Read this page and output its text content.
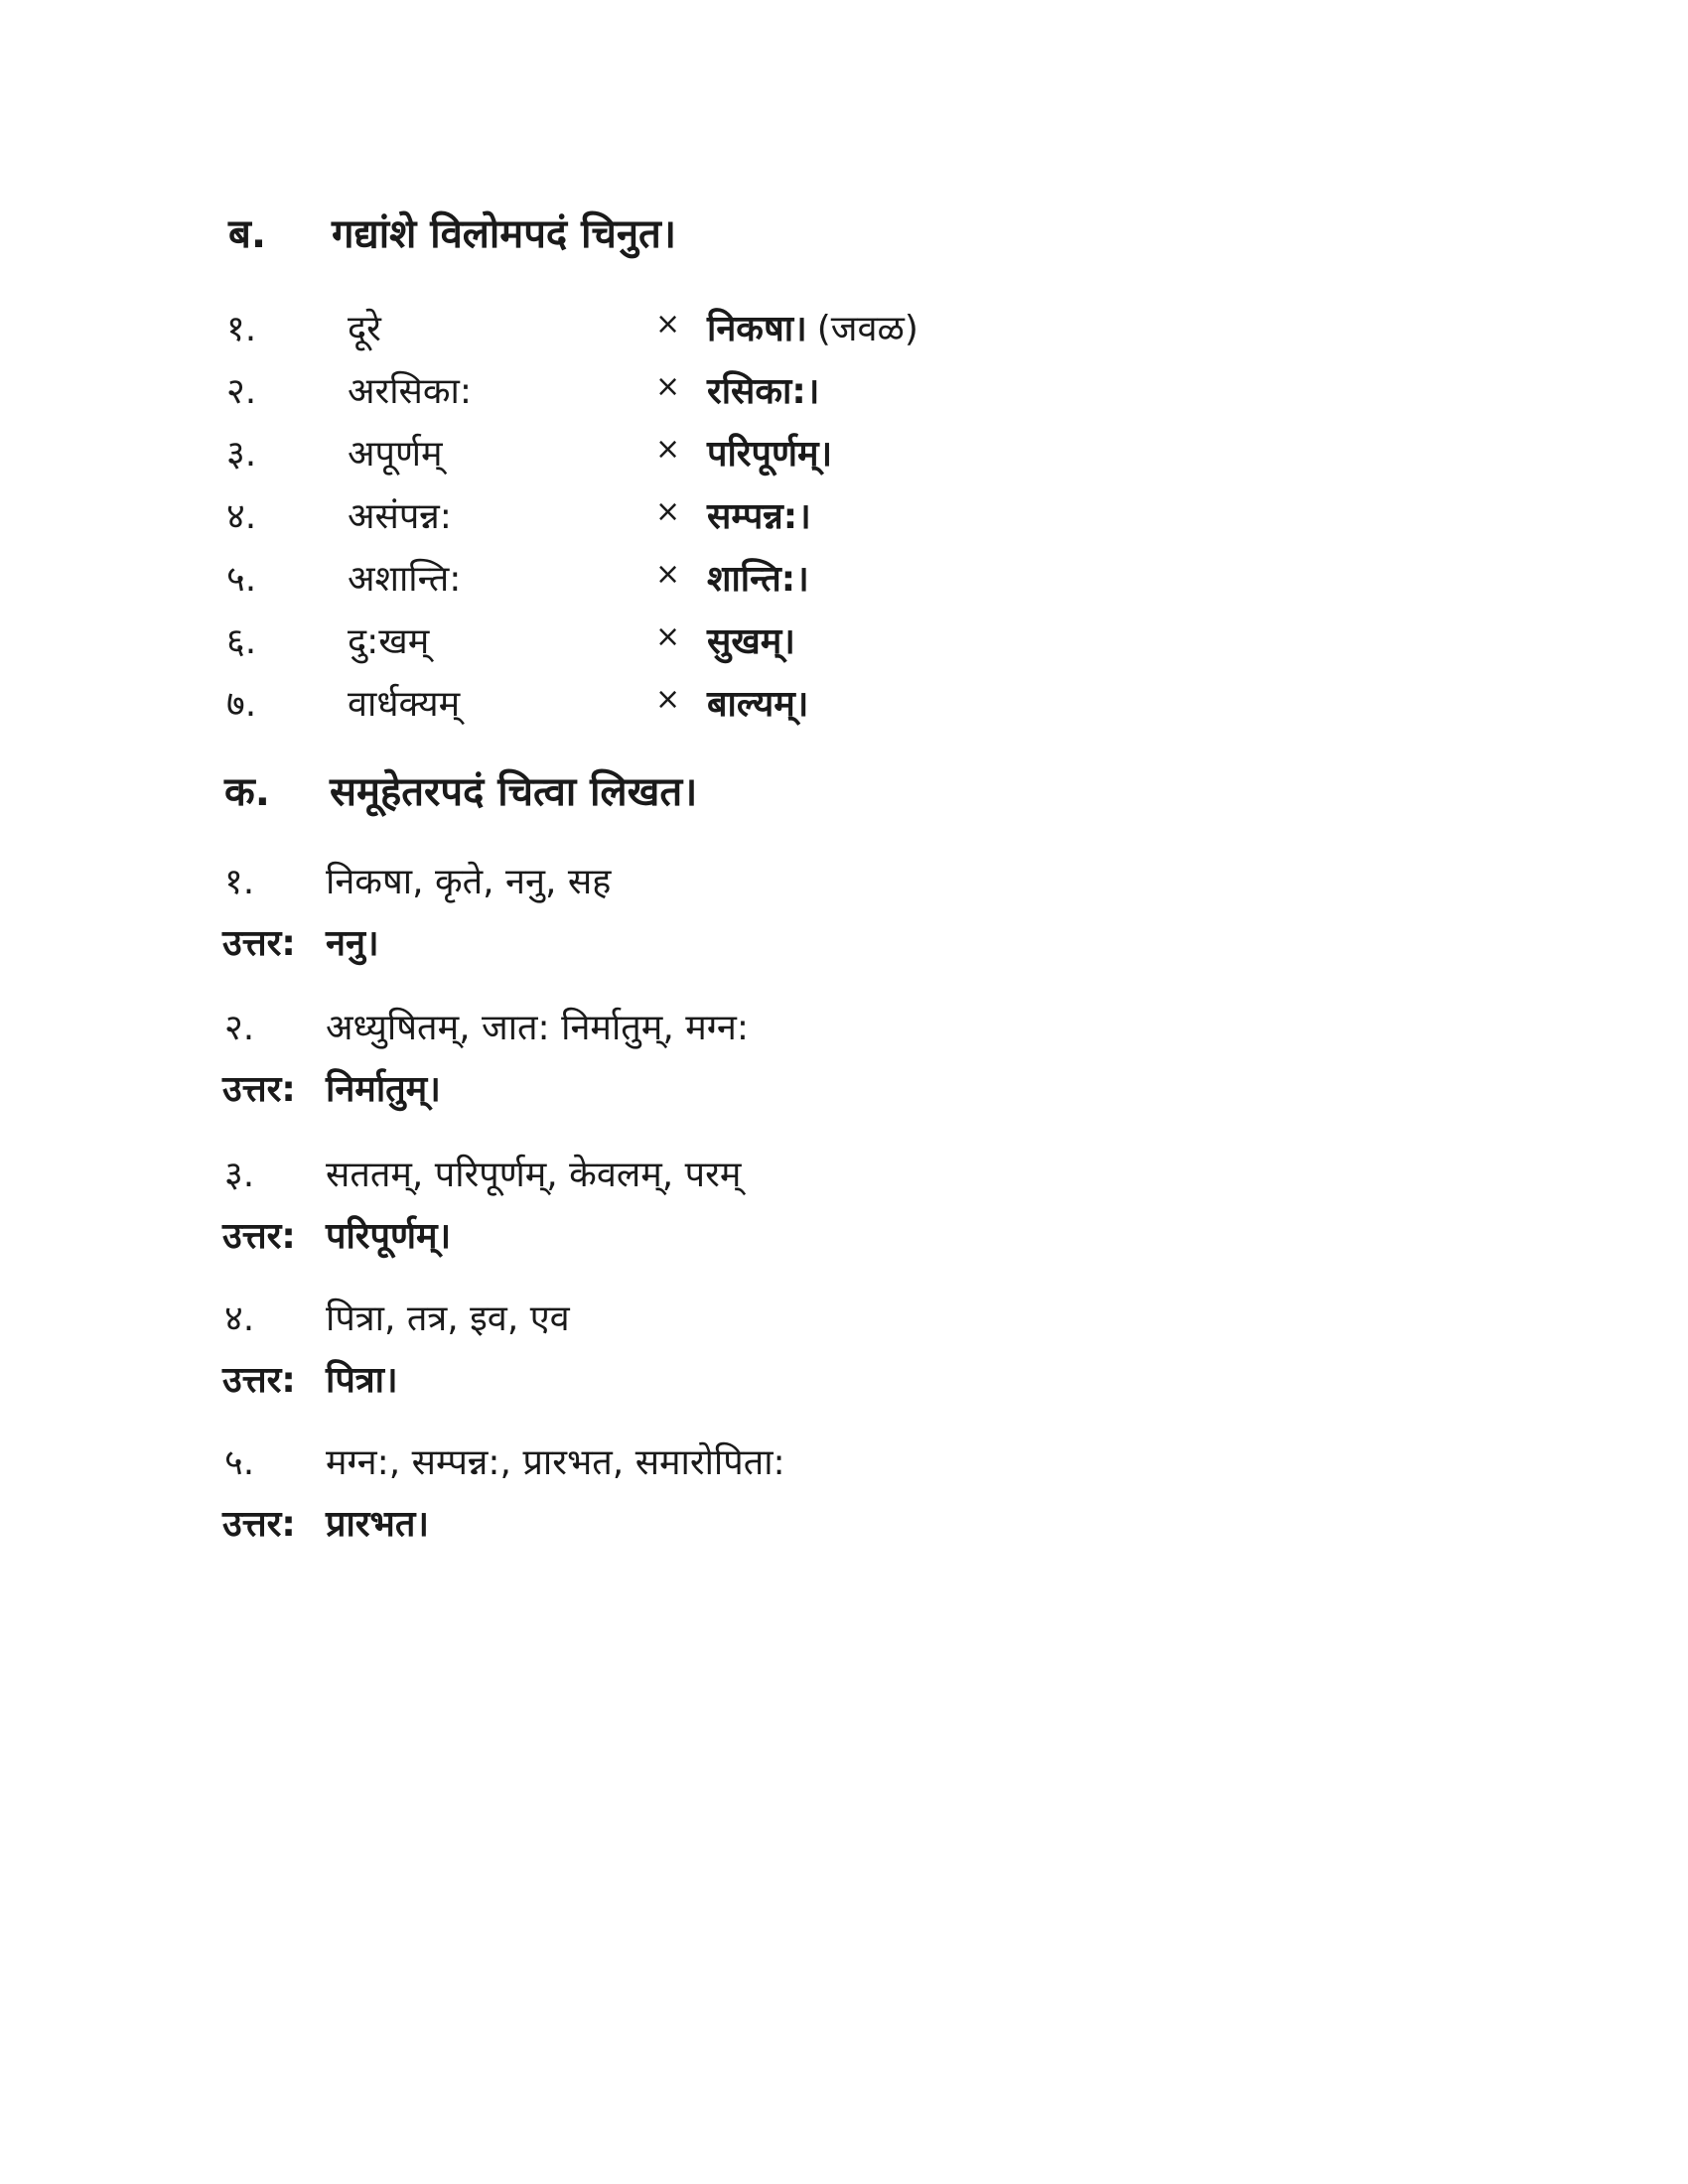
ब. गद्यांशे विलोमपदं चिनुत।
१.	दूरे	× निकषा। (जवळ)
२.	अरसिका:	× रसिका:।
३.	अपूर्णम्	× परिपूर्णम्।
४.	असंपन्न:	× सम्पन्न:।
५.	अशान्ति:	× शान्ति:।
६.	दु:खम्	× सुखम्।
७.	वार्धक्यम्	× बाल्यम्।
क. समूहेतरपदं चित्वा लिखत।
१. निकषा, कृते, ननु, सह
उत्तर: ननु।
२. अध्युषितम्, जात: निर्मातुम्, मग्न:
उत्तर: निर्मातुम्।
३. सततम्, परिपूर्णम्, केवलम्, परम्
उत्तर: परिपूर्णम्।
४. पित्रा, तत्र, इव, एव
उत्तर: पित्रा।
५. मग्न:, सम्पन्न:, प्रारभत, समारोपिता:
उत्तर: प्रारभत।
